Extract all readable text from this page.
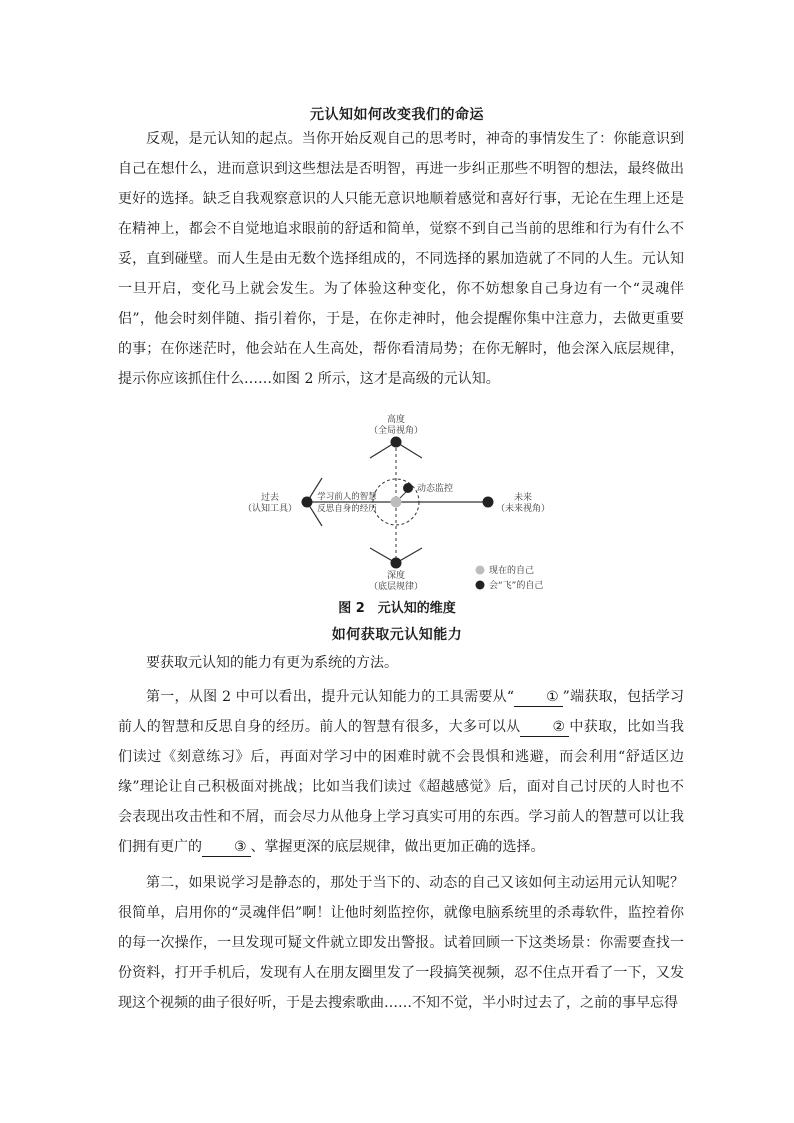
元认知如何改变我们的命运

反观，是元认知的起点。当你开始反观自己的思考时，神奇的事情发生了：你能意识到自己在想什么，进而意识到这些想法是否明智，再进一步纠正那些不明智的想法，最终做出更好的选择。缺乏自我观察意识的人只能无意识地顺着感觉和喜好行事，无论在生理上还是在精神上，都会不自觉地追求眼前的舒适和简单，觉察不到自己当前的思维和行为有什么不妥，直到碰壁。而人生是由无数个选择组成的，不同选择的累加造就了不同的人生。元认知一旦开启，变化马上就会发生。为了体验这种变化，你不妨想象自己身边有一个“灵魂伴侣”，他会时刻伴随、指引着你，于是，在你走神时，他会提醒你集中注意力，去做更重要的事；在你迷茫时，他会站在人生高处，帮你看清局势；在你无解时，他会深入底层规律，提示你应该抓住什么……如图 2 所示，这才是高级的元认知。

高度
（全局视角）
过去
（认知工具）
未来
（未来视角）
深度
（底层规律）
动态监控
学习前人的智慧
反思自身的经历
现在的自己
会“飞”的自己
图 2　元认知的维度
如何获取元认知能力

要获取元认知的能力有更为系统的方法。

第一，从图 2 中可以看出，提升元认知能力的工具需要从“ ① ”端获取，包括学习前人的智慧和反思自身的经历。前人的智慧有很多，大多可以从 ② 中获取，比如当我们读过《刻意练习》后，再面对学习中的困难时就不会畏惧和逃避，而会利用“舒适区边缘”理论让自己积极面对挑战；比如当我们读过《超越感觉》后，面对自己讨厌的人时也不会表现出攻击性和不屑，而会尽力从他身上学习真实可用的东西。学习前人的智慧可以让我们拥有更广的 ③ 、掌握更深的底层规律，做出更加正确的选择。

第二，如果说学习是静态的，那处于当下的、动态的自己又该如何主动运用元认知呢？很简单，启用你的“灵魂伴侣”啊！让他时刻监控你，就像电脑系统里的杀毒软件，监控着你的每一次操作，一旦发现可疑文件就立即发出警报。试着回顾一下这类场景：你需要查找一份资料，打开手机后，发现有人在朋友圈里发了一段搞笑视频，忍不住点开看了一下，又发现这个视频的曲子很好听，于是去搜索歌曲……不知不觉，半小时过去了，之前的事早忘得
